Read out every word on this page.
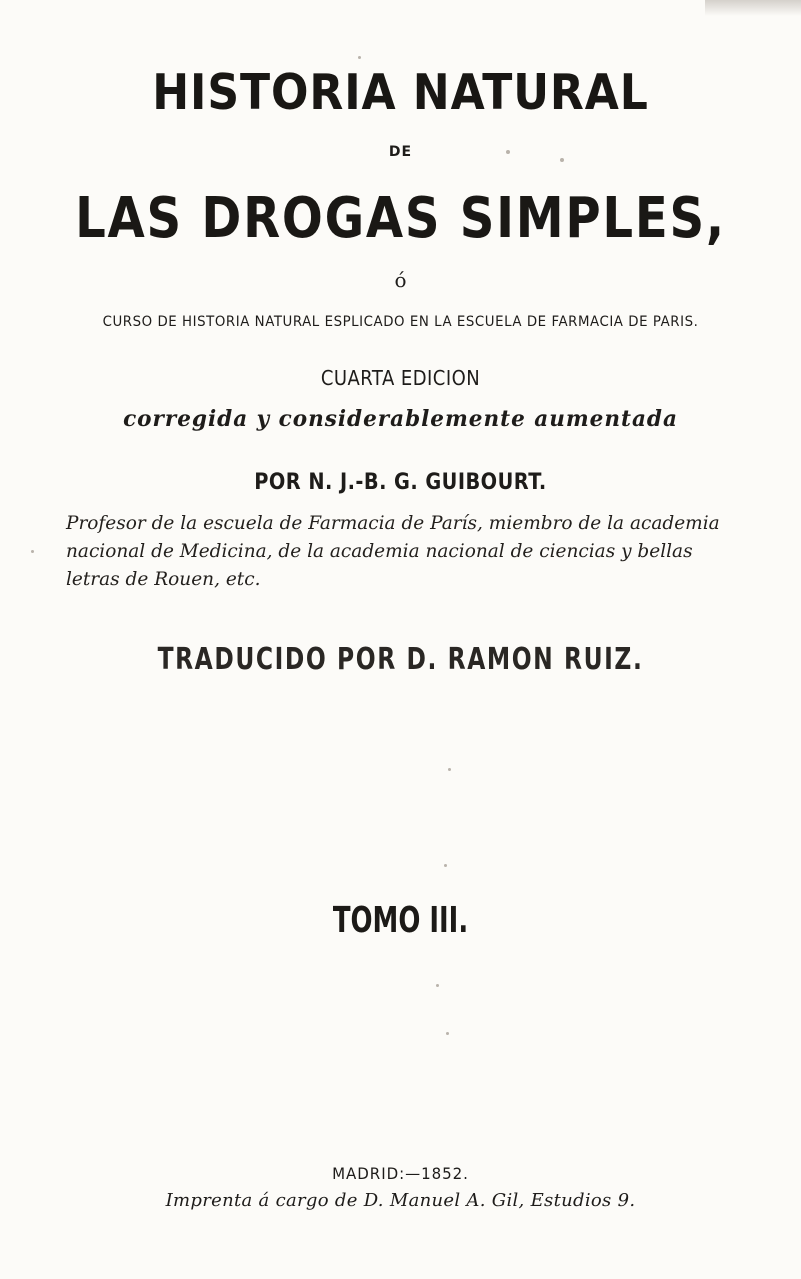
HISTORIA NATURAL
DE
LAS DROGAS SIMPLES,
ó
CURSO DE HISTORIA NATURAL ESPLICADO EN LA ESCUELA DE FARMACIA DE PARIS.
CUARTA EDICION
corregida y considerablemente aumentada
POR N. J.-B. G. GUIBOURT.

Profesor de la escuela de Farmacia de París, miembro de la academia

nacional de Medicina, de la academia nacional de ciencias y bellas

letras de Rouen, etc.

TRADUCIDO POR D. RAMON RUIZ.
TOMO III.
MADRID:—1852.
Imprenta á cargo de D. Manuel A. Gil, Estudios 9.
